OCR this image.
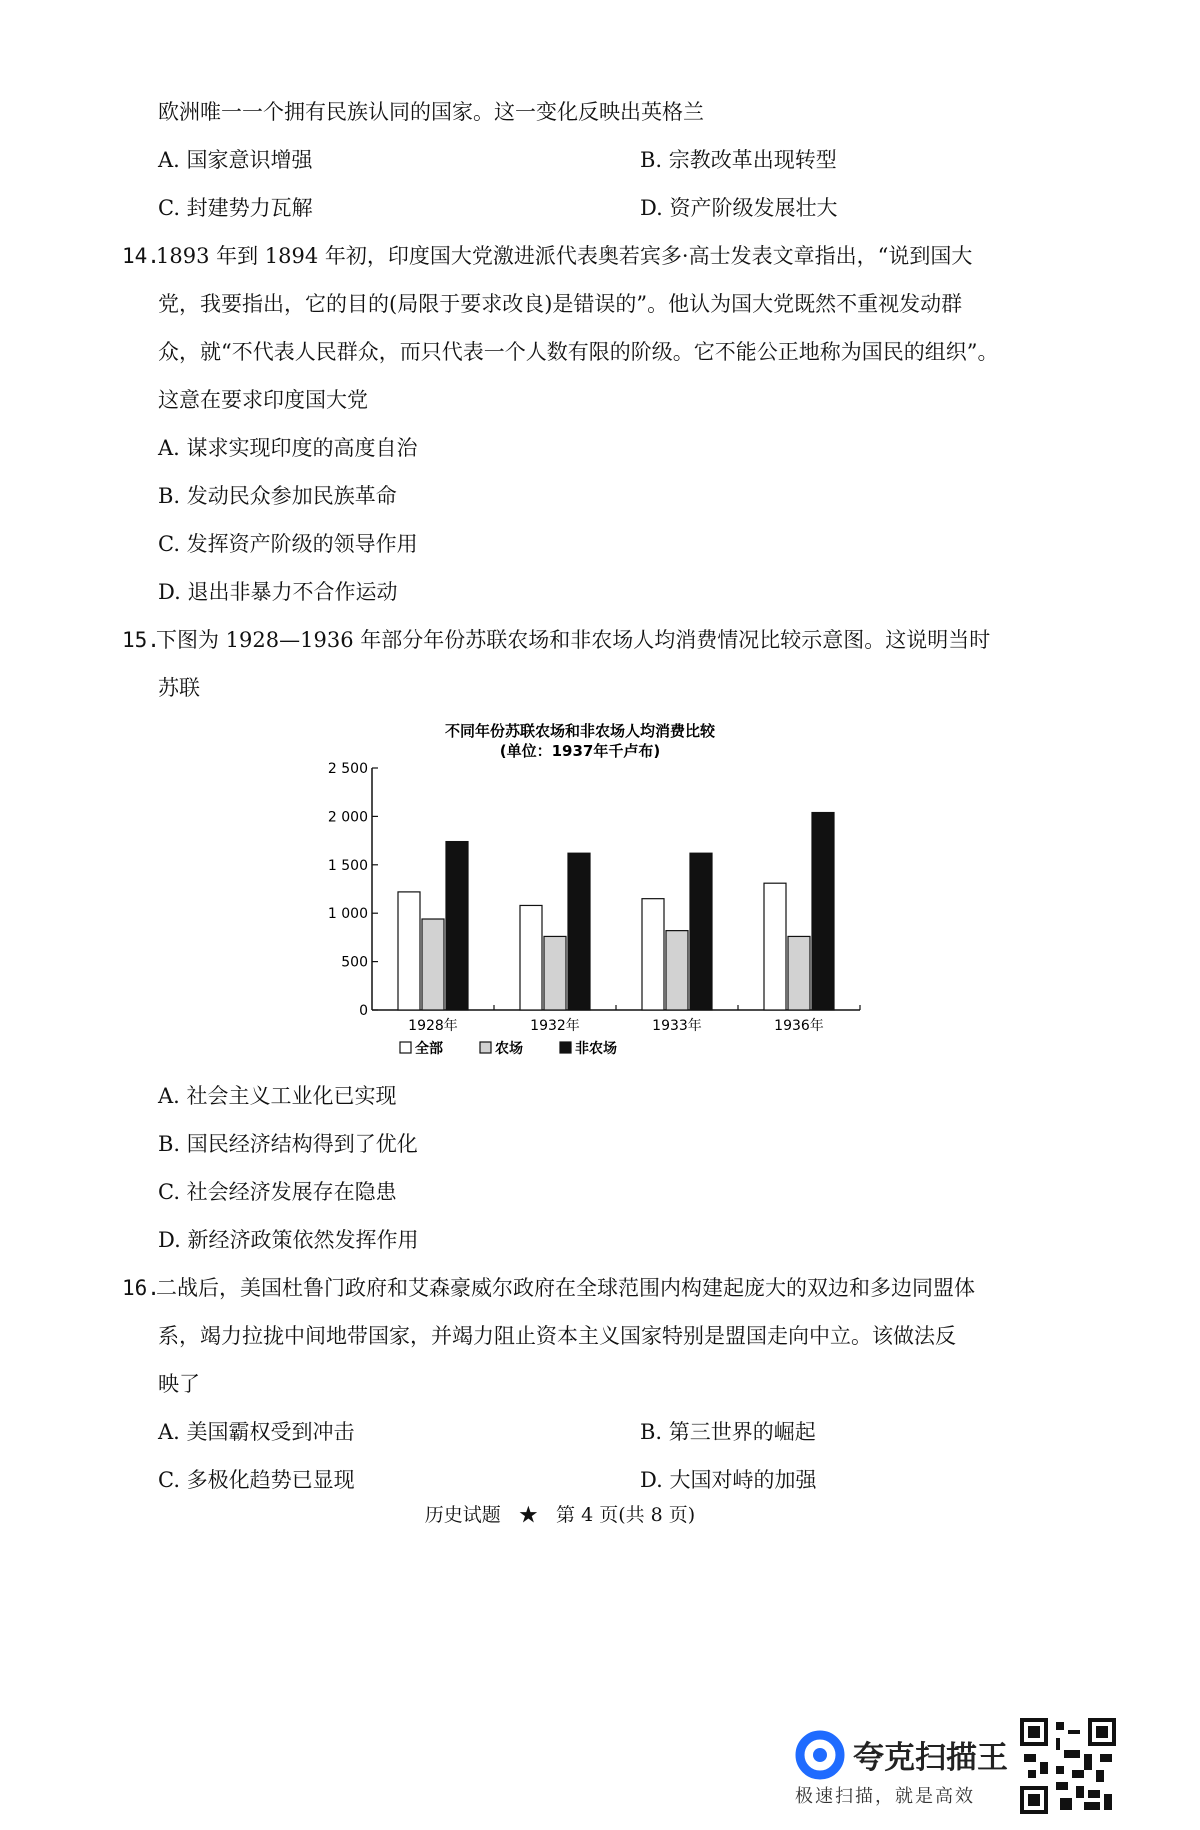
欧洲唯一一个拥有民族认同的国家。这一变化反映出英格兰
A. 国家意识增强	B. 宗教改革出现转型
C. 封建势力瓦解	D. 资产阶级发展壮大
14.
1893 年到 1894 年初，印度国大党激进派代表奥若宾多·高士发表文章指出，“说到国大
党，我要指出，它的目的(局限于要求改良)是错误的”。他认为国大党既然不重视发动群
众，就“不代表人民群众，而只代表一个人数有限的阶级。它不能公正地称为国民的组织”。
这意在要求印度国大党
A. 谋求实现印度的高度自治
B. 发动民众参加民族革命
C. 发挥资产阶级的领导作用
D. 退出非暴力不合作运动
15.
下图为 1928—1936 年部分年份苏联农场和非农场人均消费情况比较示意图。这说明当时
苏联
不同年份苏联农场和非农场人均消费比较
(单位：1937年千卢布)
0
500
1 000
1 500
2 000
2 500
1928年	1932年	1933年	1936年
全部	农场	非农场
A. 社会主义工业化已实现
B. 国民经济结构得到了优化
C. 社会经济发展存在隐患
D. 新经济政策依然发挥作用
16.
二战后，美国杜鲁门政府和艾森豪威尔政府在全球范围内构建起庞大的双边和多边同盟体
系，竭力拉拢中间地带国家，并竭力阻止资本主义国家特别是盟国走向中立。该做法反
映了
A. 美国霸权受到冲击	B. 第三世界的崛起
C. 多极化趋势已显现	D. 大国对峙的加强
历史试题 ★ 第 4 页(共 8 页)
夸克扫描王
极速扫描，就是高效
